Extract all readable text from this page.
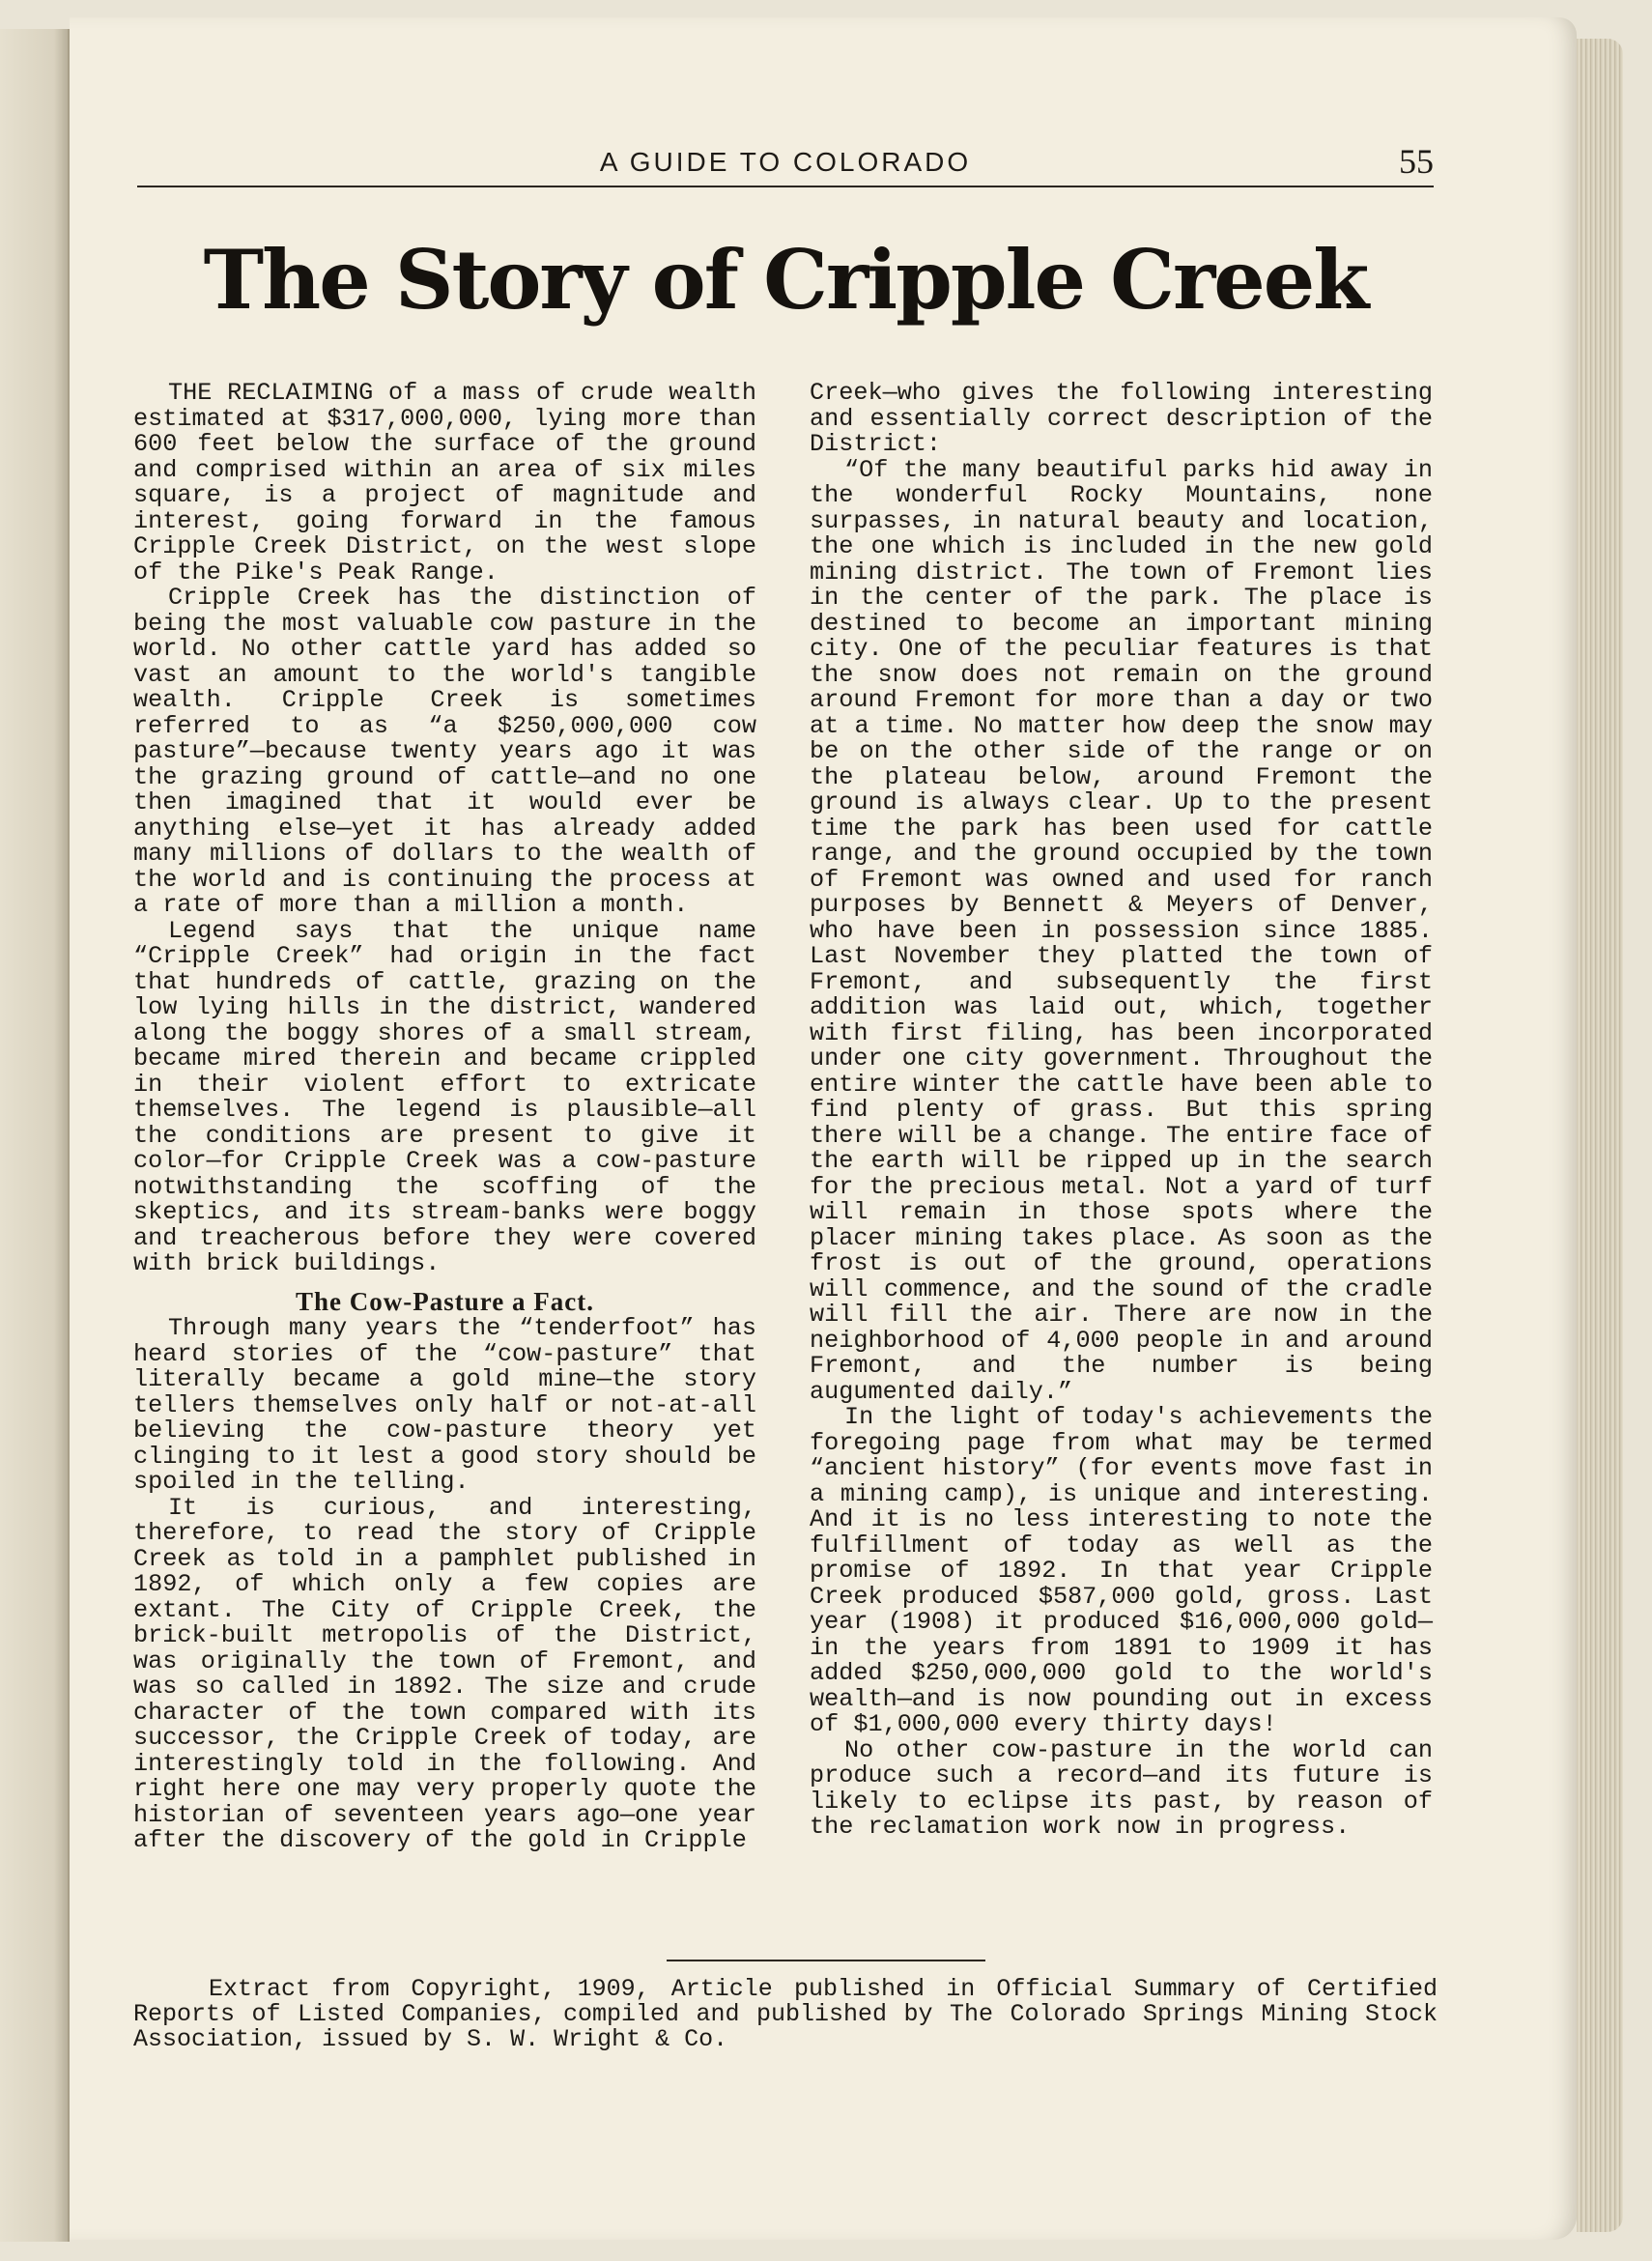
A GUIDE TO COLORADO	55
The Story of Cripple Creek

THE RECLAIMING of a mass of crude wealth estimated at $317,000,000, lying more than 600 feet below the surface of the ground and comprised within an area of six miles square, is a project of magnitude and interest, going forward in the famous Cripple Creek District, on the west slope of the Pike's Peak Range.

Cripple Creek has the distinction of being the most valuable cow pasture in the world. No other cattle yard has added so vast an amount to the world's tangible wealth. Cripple Creek is sometimes referred to as “a $250,000,000 cow pasture”—because twenty years ago it was the grazing ground of cattle—and no one then imagined that it would ever be anything else—yet it has already added many millions of dollars to the wealth of the world and is continuing the process at a rate of more than a million a month.

Legend says that the unique name “Cripple Creek” had origin in the fact that hundreds of cattle, grazing on the low lying hills in the district, wandered along the boggy shores of a small stream, became mired therein and became crippled in their violent effort to extricate themselves. The legend is plausible—all the conditions are present to give it color—for Cripple Creek was a cow-pasture notwithstanding the scoffing of the skeptics, and its stream-banks were boggy and treacherous before they were covered with brick buildings.

The Cow-Pasture a Fact.

Through many years the “tenderfoot” has heard stories of the “cow-pasture” that literally became a gold mine—the story tellers themselves only half or not-at-all believing the cow-pasture theory yet clinging to it lest a good story should be spoiled in the telling.

It is curious, and interesting, therefore, to read the story of Cripple Creek as told in a pamphlet published in 1892, of which only a few copies are extant. The City of Cripple Creek, the brick-built metropolis of the District, was originally the town of Fremont, and was so called in 1892. The size and crude character of the town compared with its successor, the Cripple Creek of today, are interestingly told in the following. And right here one may very properly quote the historian of seventeen years ago—one year after the discovery of the gold in Cripple

Creek—who gives the following interesting and essentially correct description of the District:

“Of the many beautiful parks hid away in the wonderful Rocky Mountains, none surpasses, in natural beauty and location, the one which is included in the new gold mining district. The town of Fremont lies in the center of the park. The place is destined to become an important mining city. One of the peculiar features is that the snow does not remain on the ground around Fremont for more than a day or two at a time. No matter how deep the snow may be on the other side of the range or on the plateau below, around Fremont the ground is always clear. Up to the present time the park has been used for cattle range, and the ground occupied by the town of Fremont was owned and used for ranch purposes by Bennett & Meyers of Denver, who have been in possession since 1885. Last November they platted the town of Fremont, and subsequently the first addition was laid out, which, together with first filing, has been incorporated under one city government. Throughout the entire winter the cattle have been able to find plenty of grass. But this spring there will be a change. The entire face of the earth will be ripped up in the search for the precious metal. Not a yard of turf will remain in those spots where the placer mining takes place. As soon as the frost is out of the ground, operations will commence, and the sound of the cradle will fill the air. There are now in the neighborhood of 4,000 people in and around Fremont, and the number is being augumented daily.”

In the light of today's achievements the foregoing page from what may be termed “ancient history” (for events move fast in a mining camp), is unique and interesting. And it is no less interesting to note the fulfillment of today as well as the promise of 1892. In that year Cripple Creek produced $587,000 gold, gross. Last year (1908) it produced $16,000,000 gold—in the years from 1891 to 1909 it has added $250,000,000 gold to the world's wealth—and is now pounding out in excess of $1,000,000 every thirty days!

No other cow-pasture in the world can produce such a record—and its future is likely to eclipse its past, by reason of the reclamation work now in progress.

Extract from Copyright, 1909, Article published in Official Summary of Certified Reports of Listed Companies, compiled and published by The Colorado Springs Mining Stock Association, issued by S. W. Wright & Co.
